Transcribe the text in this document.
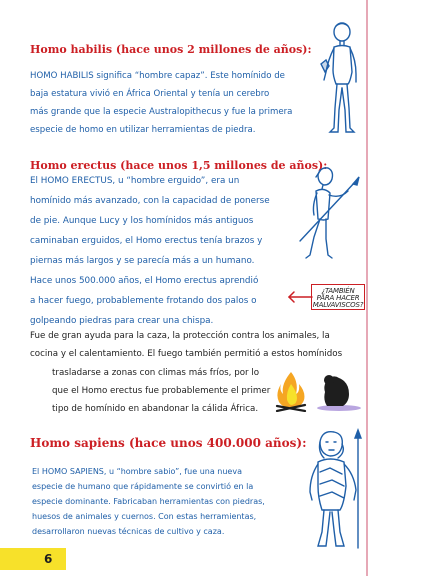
Homo habilis (hace unos 2 millones de años):
HOMO HABILIS significa “hombre capaz”. Este homínido de
baja estatura vivió en África Oriental y tenía un cerebro
más grande que la especie Australopithecus y fue la primera
especie de homo en utilizar herramientas de piedra.
Homo erectus (hace unos 1,5 millones de años):
El HOMO ERECTUS, u “hombre erguido”, era un
homínido más avanzado, con la capacidad de ponerse
de pie. Aunque Lucy y los homínidos más antiguos
caminaban erguidos, el Homo erectus tenía brazos y
piernas más largos y se parecía más a un humano.
Hace unos 500.000 años, el Homo erectus aprendió
a hacer fuego, probablemente frotando dos palos o
golpeando piedras para crear una chispa.
¿TAMBIÉN
PARA HACER
MALVAVISCOS?
Fue de gran ayuda para la caza, la protección contra los animales, la
cocina y el calentamiento. El fuego también permitió a estos homínidos
trasladarse a zonas con climas más fríos, por lo
que el Homo erectus fue probablemente el primer
tipo de homínido en abandonar la cálida África.
Homo sapiens (hace unos 400.000 años):
El HOMO SAPIENS, u “hombre sabio”, fue una nueva
especie de humano que rápidamente se convirtió en la
especie dominante. Fabricaban herramientas con piedras,
huesos de animales y cuernos. Con estas herramientas,
desarrollaron nuevas técnicas de cultivo y caza.
6
